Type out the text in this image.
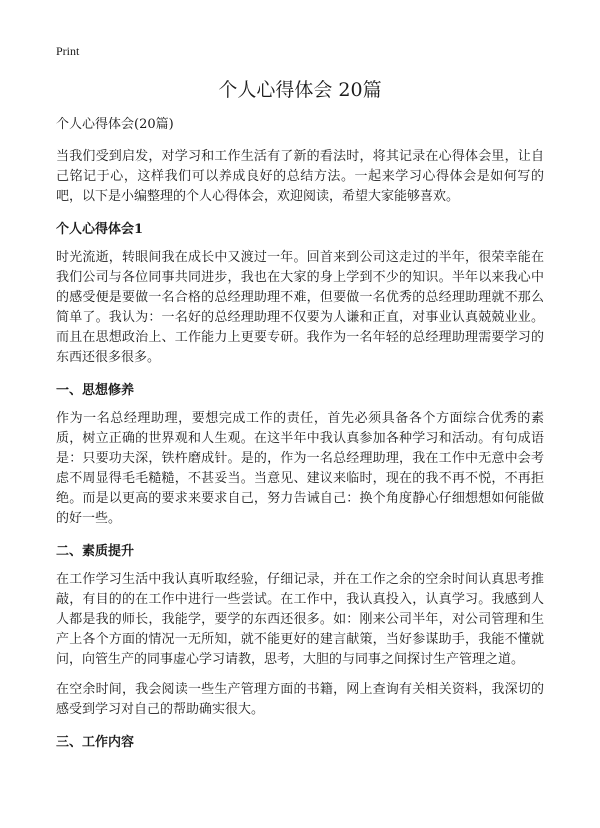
Print
个人心得体会 20篇

个人心得体会(20篇)

当我们受到启发，对学习和工作生活有了新的看法时，将其记录在心得体会里，让自己铭记于心，这样我们可以养成良好的总结方法。一起来学习心得体会是如何写的吧，以下是小编整理的个人心得体会，欢迎阅读，希望大家能够喜欢。

个人心得体会1

时光流逝，转眼间我在成长中又渡过一年。回首来到公司这走过的半年，很荣幸能在我们公司与各位同事共同进步，我也在大家的身上学到不少的知识。半年以来我心中的感受便是要做一名合格的总经理助理不难，但要做一名优秀的总经理助理就不那么简单了。我认为：一名好的总经理助理不仅要为人谦和正直，对事业认真兢兢业业。而且在思想政治上、工作能力上更要专研。我作为一名年轻的总经理助理需要学习的东西还很多很多。

一、思想修养

作为一名总经理助理，要想完成工作的责任，首先必须具备各个方面综合优秀的素质，树立正确的世界观和人生观。在这半年中我认真参加各种学习和活动。有句成语是：只要功夫深，铁杵磨成针。是的，作为一名总经理助理，我在工作中无意中会考虑不周显得毛毛糙糙，不甚妥当。当意见、建议来临时，现在的我不再不悦，不再拒绝。而是以更高的要求来要求自己，努力告诫自己：换个角度静心仔细想想如何能做的好一些。

二、素质提升

在工作学习生活中我认真听取经验，仔细记录，并在工作之余的空余时间认真思考推敲，有目的的在工作中进行一些尝试。在工作中，我认真投入，认真学习。我感到人人都是我的师长，我能学，要学的东西还很多。如：刚来公司半年，对公司管理和生产上各个方面的情况一无所知，就不能更好的建言献策，当好参谋助手，我能不懂就问，向管生产的同事虚心学习请教，思考，大胆的与同事之间探讨生产管理之道。

在空余时间，我会阅读一些生产管理方面的书籍，网上查询有关相关资料，我深切的感受到学习对自己的帮助确实很大。

三、工作内容
